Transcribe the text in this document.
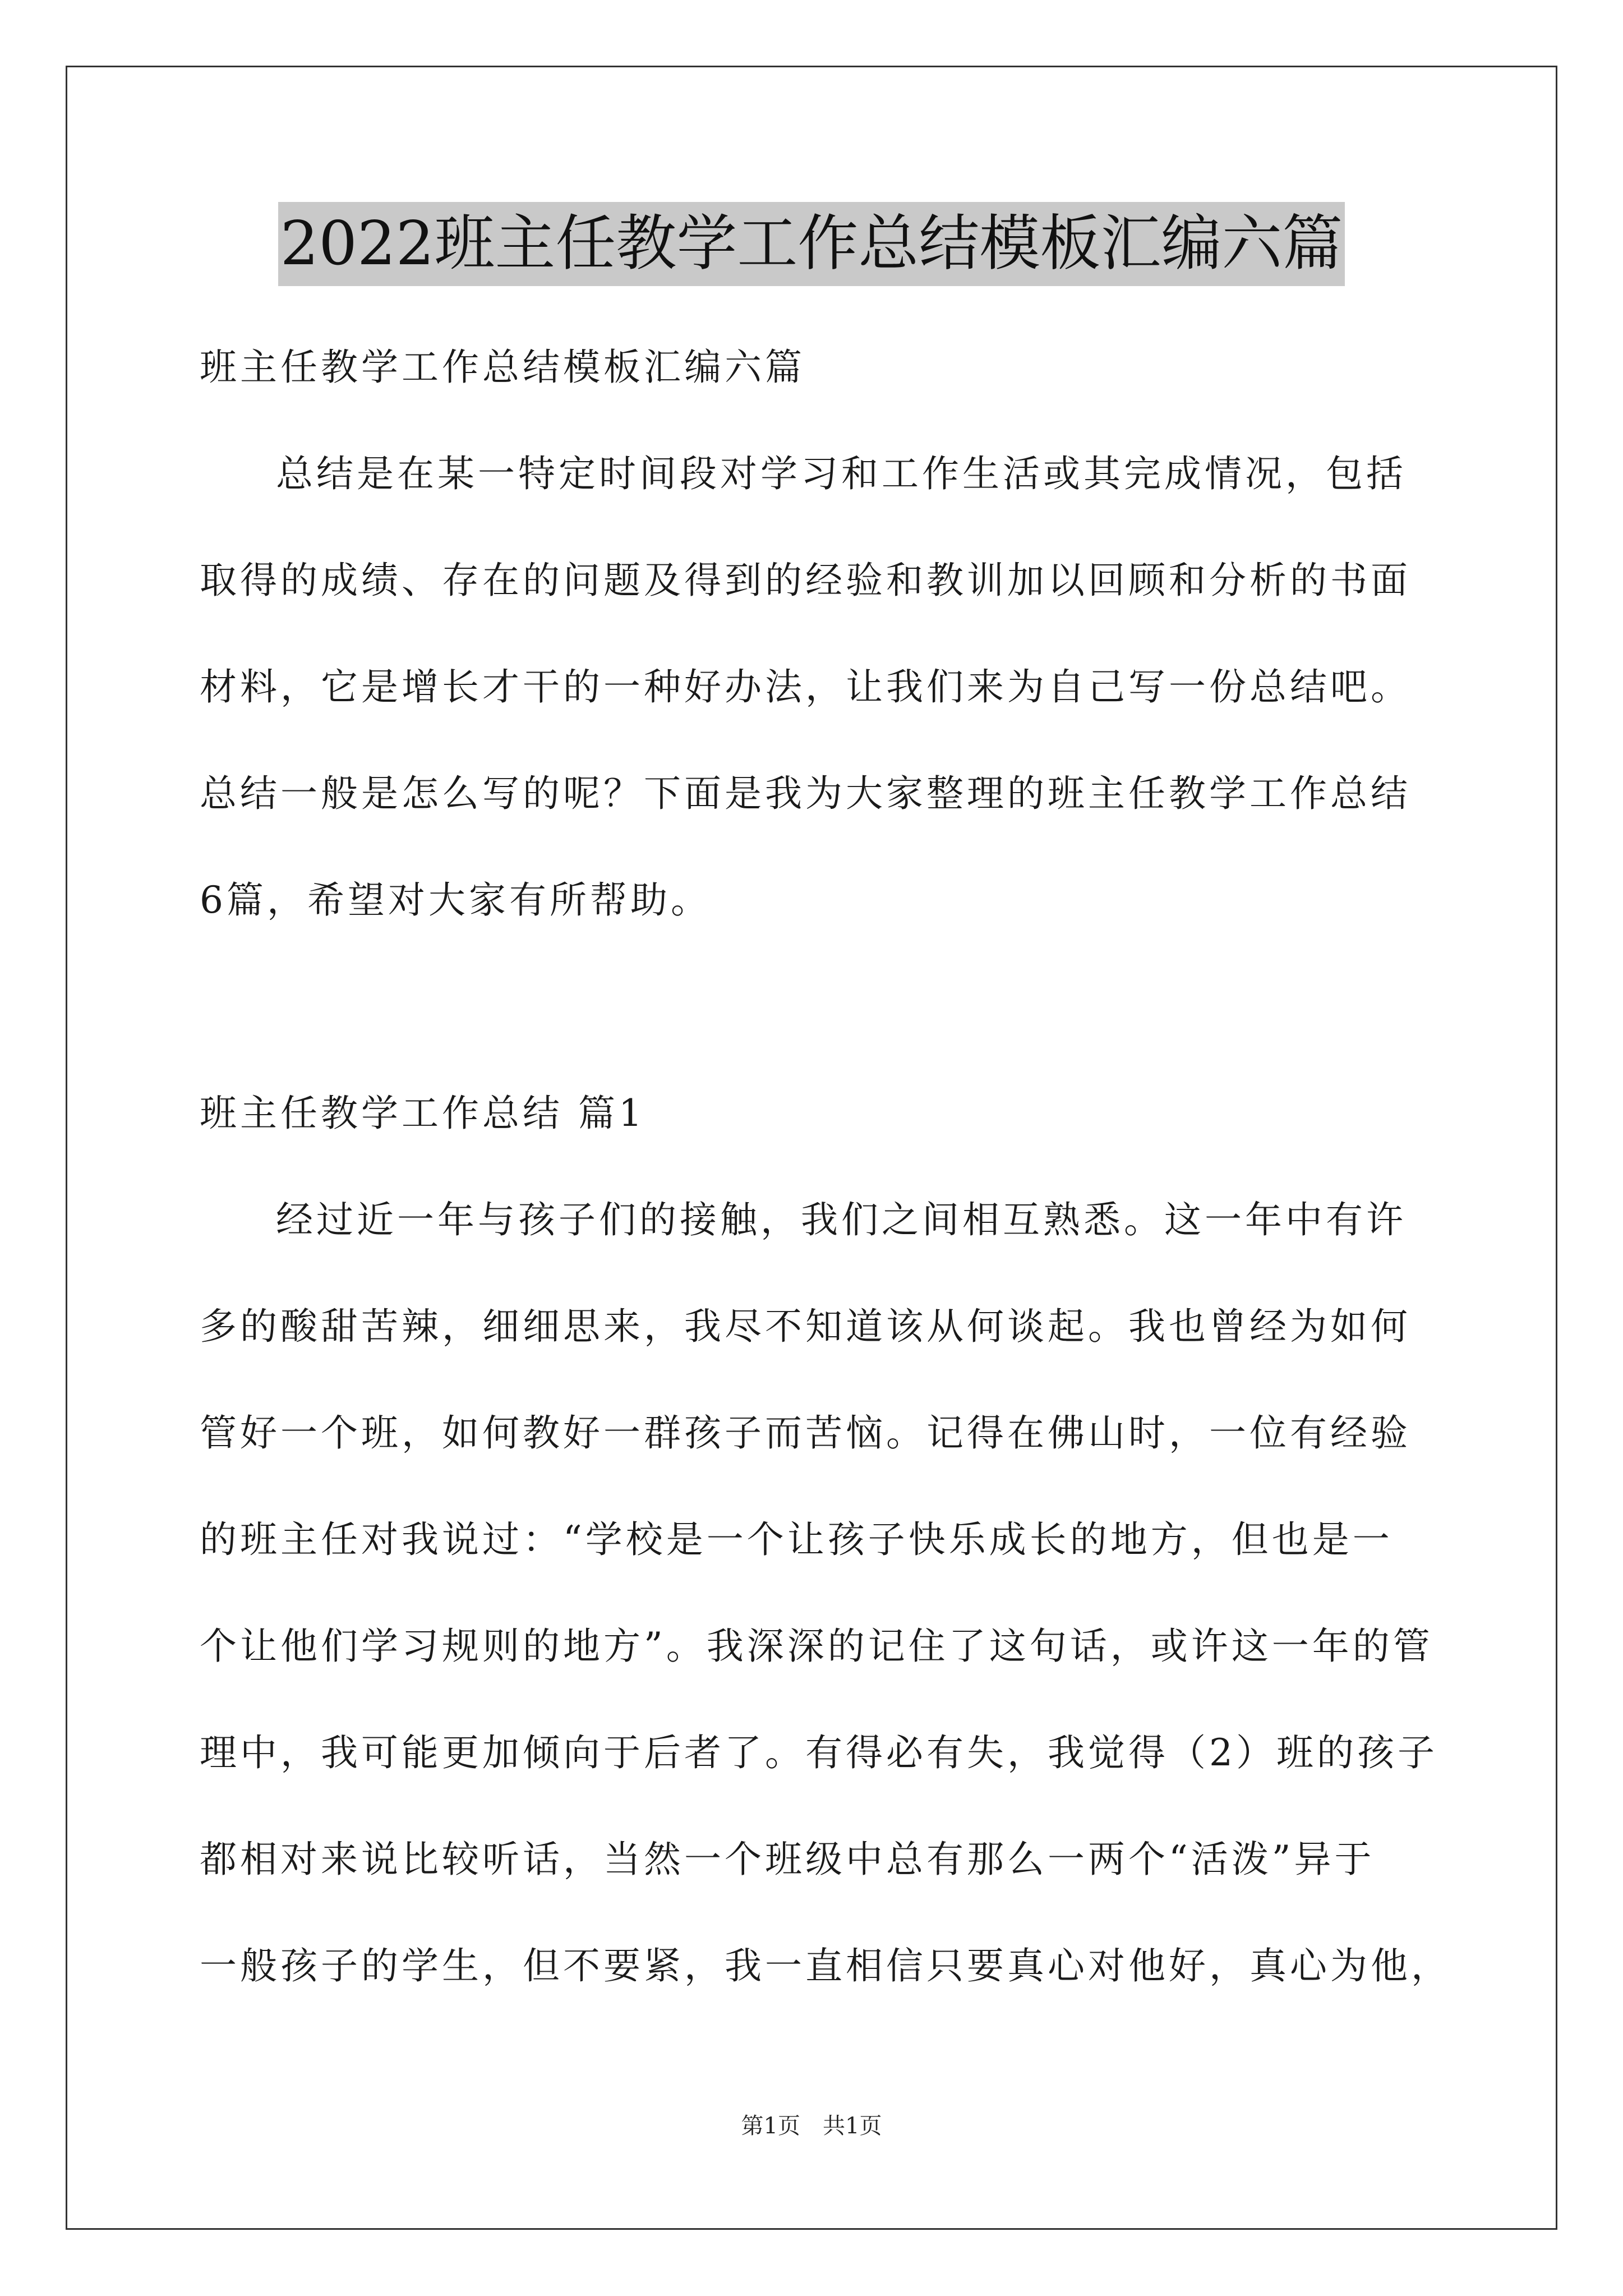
2022班主任教学工作总结模板汇编六篇
班主任教学工作总结模板汇编六篇
总结是在某一特定时间段对学习和工作生活或其完成情况，包括
取得的成绩、存在的问题及得到的经验和教训加以回顾和分析的书面
材料，它是增长才干的一种好办法，让我们来为自己写一份总结吧。
总结一般是怎么写的呢？下面是我为大家整理的班主任教学工作总结
6篇，希望对大家有所帮助。
班主任教学工作总结 篇1
经过近一年与孩子们的接触，我们之间相互熟悉。这一年中有许
多的酸甜苦辣，细细思来，我尽不知道该从何谈起。我也曾经为如何
管好一个班，如何教好一群孩子而苦恼。记得在佛山时，一位有经验
的班主任对我说过：“学校是一个让孩子快乐成长的地方，但也是一
个让他们学习规则的地方”。我深深的记住了这句话，或许这一年的管
理中，我可能更加倾向于后者了。有得必有失，我觉得（2）班的孩子
都相对来说比较听话，当然一个班级中总有那么一两个“活泼”异于
一般孩子的学生，但不要紧，我一直相信只要真心对他好，真心为他，
第1页 共1页
